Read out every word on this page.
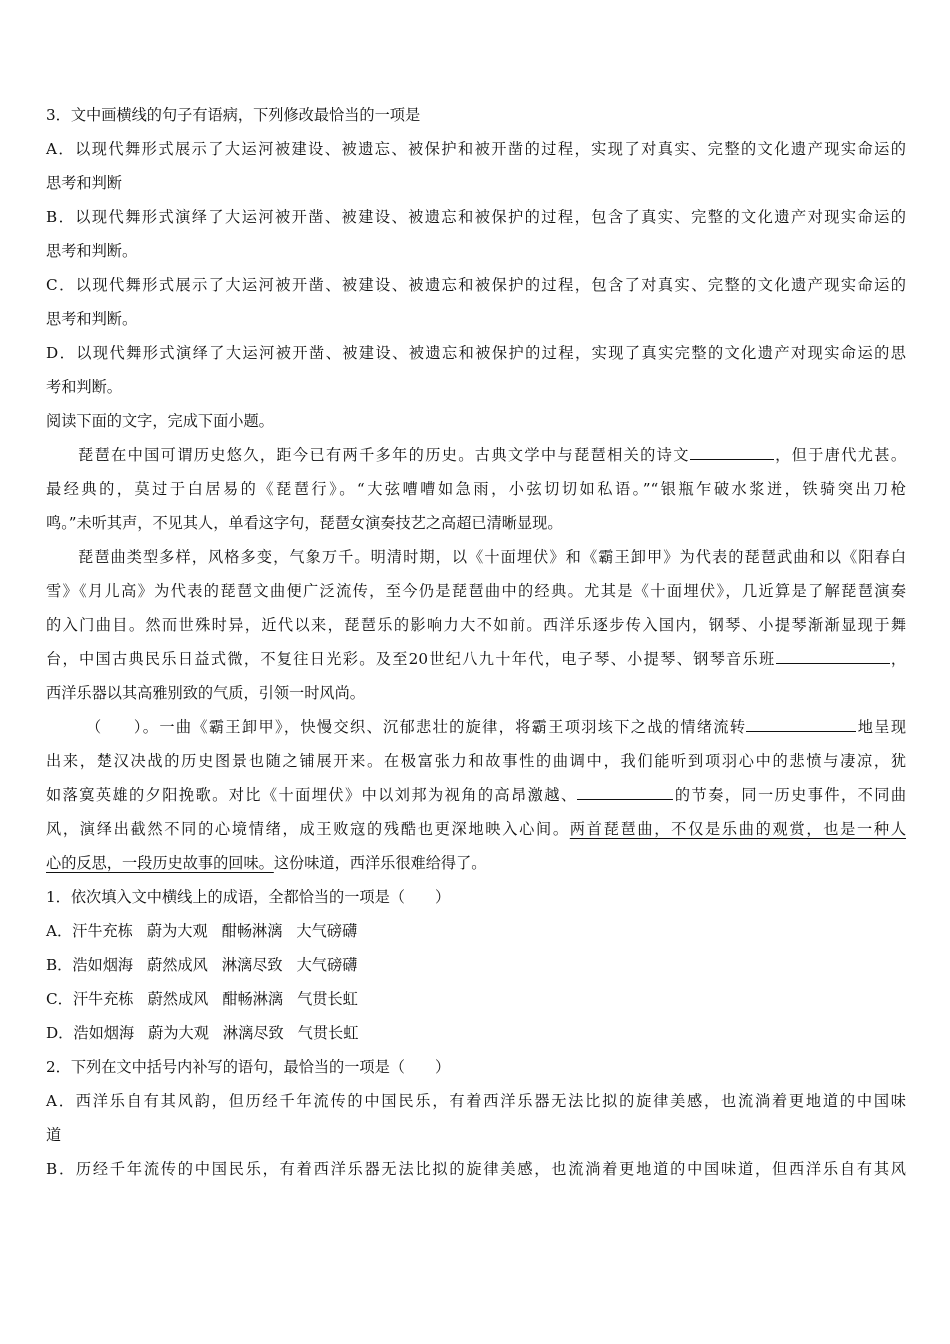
3．文中画横线的句子有语病，下列修改最恰当的一项是
A．以现代舞形式展示了大运河被建设、被遗忘、被保护和被开凿的过程，实现了对真实、完整的文化遗产现实命运的
思考和判断
B．以现代舞形式演绎了大运河被开凿、被建设、被遗忘和被保护的过程，包含了真实、完整的文化遗产对现实命运的
思考和判断。
C．以现代舞形式展示了大运河被开凿、被建设、被遗忘和被保护的过程，包含了对真实、完整的文化遗产现实命运的
思考和判断。
D．以现代舞形式演绎了大运河被开凿、被建设、被遗忘和被保护的过程，实现了真实完整的文化遗产对现实命运的思
考和判断。
阅读下面的文字，完成下面小题。
琵琶在中国可谓历史悠久，距今已有两千多年的历史。古典文学中与琵琶相关的诗文	，但于唐代尤甚。
最经典的，莫过于白居易的《琵琶行》。“大弦嘈嘈如急雨，小弦切切如私语。”“银瓶乍破水浆迸，铁骑突出刀枪
鸣。”未听其声，不见其人，单看这字句，琵琶女演奏技艺之高超已清晰显现。
琵琶曲类型多样，风格多变，气象万千。明清时期，以《十面埋伏》和《霸王卸甲》为代表的琵琶武曲和以《阳春白
雪》《月儿高》为代表的琵琶文曲便广泛流传，至今仍是琵琶曲中的经典。尤其是《十面埋伏》，几近算是了解琵琶演奏
的入门曲目。然而世殊时异，近代以来，琵琶乐的影响力大不如前。西洋乐逐步传入国内，钢琴、小提琴渐渐显现于舞
台，中国古典民乐日益式微，不复往日光彩。及至20世纪八九十年代，电子琴、小提琴、钢琴音乐班	，
西洋乐器以其高雅别致的气质，引领一时风尚。
（ ）。一曲《霸王卸甲》，快慢交织、沉郁悲壮的旋律，将霸王项羽垓下之战的情绪流转	地呈现
出来，楚汉决战的历史图景也随之铺展开来。在极富张力和故事性的曲调中，我们能听到项羽心中的悲愤与凄凉，犹
如落寞英雄的夕阳挽歌。对比《十面埋伏》中以刘邦为视角的高昂激越、	的节奏，同一历史事件，不同曲
风，演绎出截然不同的心境情绪，成王败寇的残酷也更深地映入心间。两首琵琶曲，不仅是乐曲的观赏，也是一种人
心的反思，一段历史故事的回味。这份味道，西洋乐很难给得了。
1．依次填入文中横线上的成语，全都恰当的一项是（ ）
A．汗牛充栋 蔚为大观 酣畅淋漓 大气磅礴
B．浩如烟海 蔚然成风 淋漓尽致 大气磅礴
C．汗牛充栋 蔚然成风 酣畅淋漓 气贯长虹
D．浩如烟海 蔚为大观 淋漓尽致 气贯长虹
2．下列在文中括号内补写的语句，最恰当的一项是（ ）
A．西洋乐自有其风韵，但历经千年流传的中国民乐，有着西洋乐器无法比拟的旋律美感，也流淌着更地道的中国味
道
B．历经千年流传的中国民乐，有着西洋乐器无法比拟的旋律美感，也流淌着更地道的中国味道，但西洋乐自有其风
